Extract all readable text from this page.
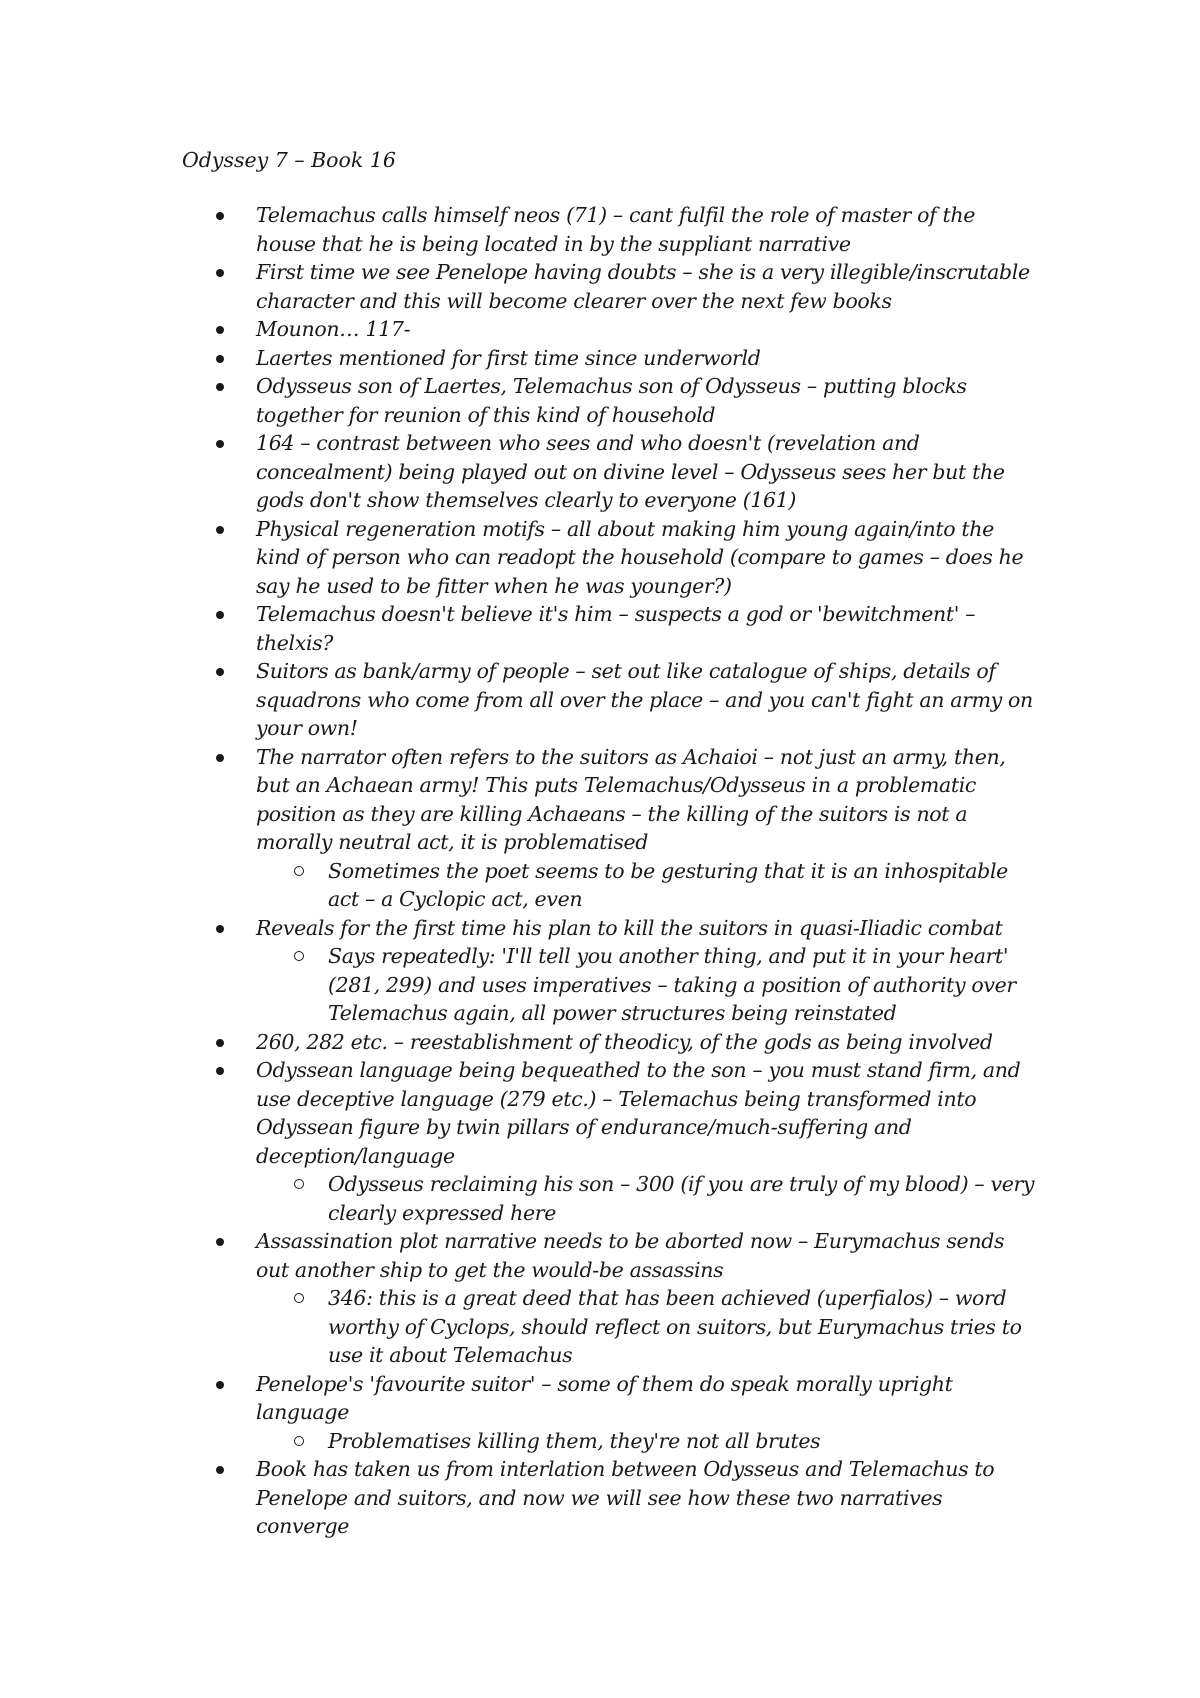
Odyssey 7 – Book 16
Telemachus calls himself neos (71) – cant fulfil the role of master of the house that he is being located in by the suppliant narrative
First time we see Penelope having doubts – she is a very illegible/inscrutable character and this will become clearer over the next few books
Mounon… 117-
Laertes mentioned for first time since underworld
Odysseus son of Laertes, Telemachus son of Odysseus – putting blocks together for reunion of this kind of household
164 – contrast between who sees and who doesn't (revelation and concealment) being played out on divine level – Odysseus sees her but the gods don't show themselves clearly to everyone (161)
Physical regeneration motifs – all about making him young again/into the kind of person who can readopt the household (compare to games – does he say he used to be fitter when he was younger?)
Telemachus doesn't believe it's him – suspects a god or 'bewitchment' – thelxis?
Suitors as bank/army of people – set out like catalogue of ships, details of squadrons who come from all over the place – and you can't fight an army on your own!
The narrator often refers to the suitors as Achaioi – not just an army, then, but an Achaean army! This puts Telemachus/Odysseus in a problematic position as they are killing Achaeans – the killing of the suitors is not a morally neutral act, it is problematised
Sometimes the poet seems to be gesturing that it is an inhospitable act – a Cyclopic act, even
Reveals for the first time his plan to kill the suitors in quasi-Iliadic combat
Says repeatedly: 'I'll tell you another thing, and put it in your heart' (281, 299) and uses imperatives – taking a position of authority over Telemachus again, all power structures being reinstated
260, 282 etc. – reestablishment of theodicy, of the gods as being involved
Odyssean language being bequeathed to the son – you must stand firm, and use deceptive language (279 etc.) – Telemachus being transformed into Odyssean figure by twin pillars of endurance/much-suffering and deception/language
Odysseus reclaiming his son – 300 (if you are truly of my blood) – very clearly expressed here
Assassination plot narrative needs to be aborted now – Eurymachus sends out another ship to get the would-be assassins
346: this is a great deed that has been achieved (uperfialos) – word worthy of Cyclops, should reflect on suitors, but Eurymachus tries to use it about Telemachus
Penelope's 'favourite suitor' – some of them do speak morally upright language
Problematises killing them, they're not all brutes
Book has taken us from interlation between Odysseus and Telemachus to Penelope and suitors, and now we will see how these two narratives converge
